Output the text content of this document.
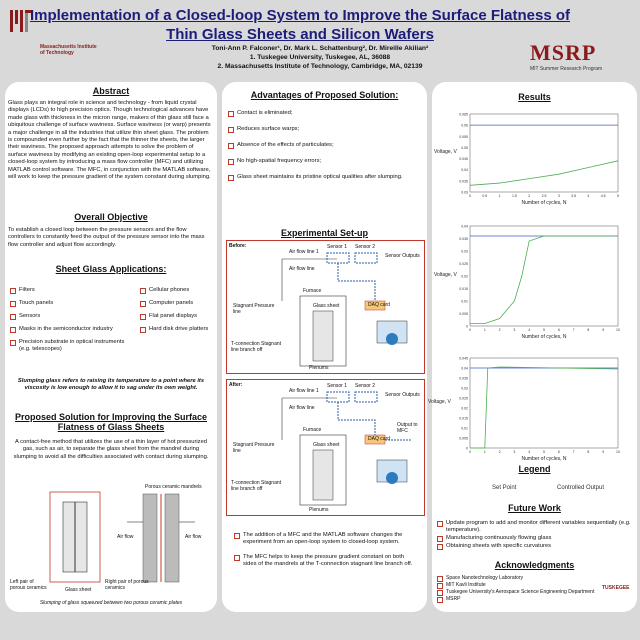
Massachusetts Institute of Technology
Implementation of a Closed-loop System to Improve the Surface Flatness of Thin Glass Sheets and Silicon Wafers
Toni-Ann P. Falconer¹, Dr. Mark L. Schattenburg², Dr. Mireille Akilian²
1. Tuskegee University, Tuskegee, AL, 36088
2. Massachusetts Institute of Technology, Cambridge, MA, 02139
MSRP
MIT Summer Research Program
Abstract
Glass plays an integral role in science and technology - from liquid crystal displays (LCDs) to high precision optics. Though technological advances have made glass with thickness in the micron range, makers of thin glass still face a ubiquitous challenge of surface waviness. Surface waviness (or warp) presents a major challenge in all the industries that utilize thin sheet glass. The problem is compounded even further by the fact that the thinner the sheets, the larger their waviness. The proposed approach attempts to solve the problem of surface waviness by modifying an existing open-loop experimental setup to a closed-loop system by introducing a mass flow controller (MFC) and utilizing MATLAB control software. The MFC, in conjunction with the MATLAB software, will work to keep the pressure gradient of the system constant during slumping.
Overall Objective
To establish a closed loop between the pressure sensors and the flow controllers to constantly feed the output of the pressure sensor into the mass flow controller and adjust flow accordingly.
Sheet Glass Applications:
Filters
Touch panels
Sensors
Masks in the semiconductor industry
Precision substrate in optical instruments (e.g. telescopes)
Cellular phones
Computer panels
Flat panel displays
Hard disk drive platters
Slumping glass refers to raising its temperature to a point where its viscosity is low enough to allow it to sag under its own weight.
Proposed Solution for Improving the Surface Flatness of Glass Sheets
A contact-free method that utilizes the use of a thin layer of hot pressurized gas, such as air, to separate the glass sheet from the mandrel during slumping to avoid all the difficulties associated with contact during slumping.
Porous ceramic mandrels
Air flow	Air flow
Left pair of porous ceramics	Glass sheet
Right pair of porous ceramics
Slumping of glass squeezed between two porous ceramic plates
Advantages of Proposed Solution:
Contact is eliminated;
Reduces surface warps;
Absence of the effects of particulates;
No high-spatial frequency errors;
Glass sheet maintains its pristine optical qualities after slumping.
Experimental Set-up
Before:	Sensor 1 Sensor 2
Sensor Outputs
Air flow line 1
Air flow line
Furnace
Stagnant Pressure line
Glass sheet
T-connection Stagnant line branch off
Plenums
DAQ card
After:	Sensor 1 Sensor 2
Sensor Outputs
Air flow line 1
Air flow line
Furnace
Stagnant Pressure line
Glass sheet
T-connection Stagnant line branch off
Plenums
DAQ card
Output to MFC
The addition of a MFC and the MATLAB software changes the experiment from an open-loop system to closed-loop system.
The MFC helps to keep the pressure gradient constant on both sides of the mandrels at the T-connection stagnant line branch off.
Results
0.065
0.06
0.055
0.05
0.045
0.04
0.035
0.03
0	0.5	1	1.5	2	2.5	3	3.5	4	4.5	5
Number of cycles, N
Voltage, V
0.04
0.035
0.03
0.025
0.02
0.015
0.01
0.005
0
0	1	2	3	4	5	6	7	8	9	10
Number of cycles, N
Voltage, V
0.045
0.04
0.035
0.03
0.025
0.02
0.015
0.01
0.005
0
0	1	2	3	4	5	6	7	8	9	10
Number of cycles, N
Voltage, V
Legend
Set Point	Controlled Output
Future Work
Update program to add and monitor different variables sequentially (e.g. temperature).
Manufacturing continuously flowing glass
Obtaining sheets with specific curvatures
Acknowledgments
Space Nanotechnology Laboratory
MIT Kavli Institute
Tuskegee University's Aerospace Science Engineering Department
MSRP
TUSKEGEE
